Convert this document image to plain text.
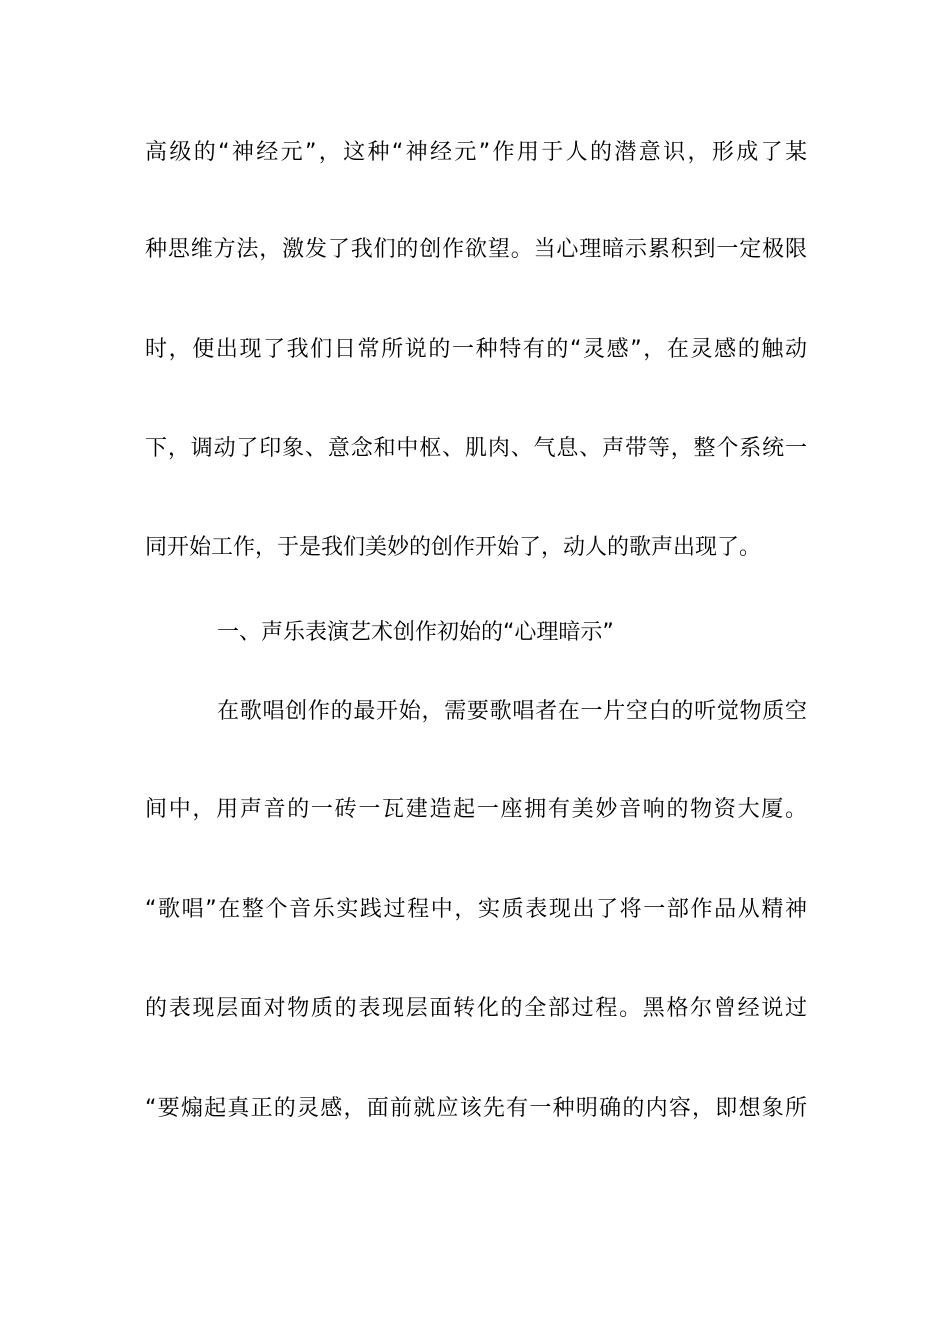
高级的“神经元”，这种“神经元”作用于人的潜意识，形成了某
种思维方法，激发了我们的创作欲望。当心理暗示累积到一定极限
时，便出现了我们日常所说的一种特有的“灵感”，在灵感的触动
下，调动了印象、意念和中枢、肌肉、气息、声带等，整个系统一
同开始工作，于是我们美妙的创作开始了，动人的歌声出现了。
一、声乐表演艺术创作初始的“心理暗示”
在歌唱创作的最开始，需要歌唱者在一片空白的听觉物质空
间中，用声音的一砖一瓦建造起一座拥有美妙音响的物资大厦。
“歌唱”在整个音乐实践过程中，实质表现出了将一部作品从精神
的表现层面对物质的表现层面转化的全部过程。黑格尔曾经说过
“要煽起真正的灵感，面前就应该先有一种明确的内容，即想象所
